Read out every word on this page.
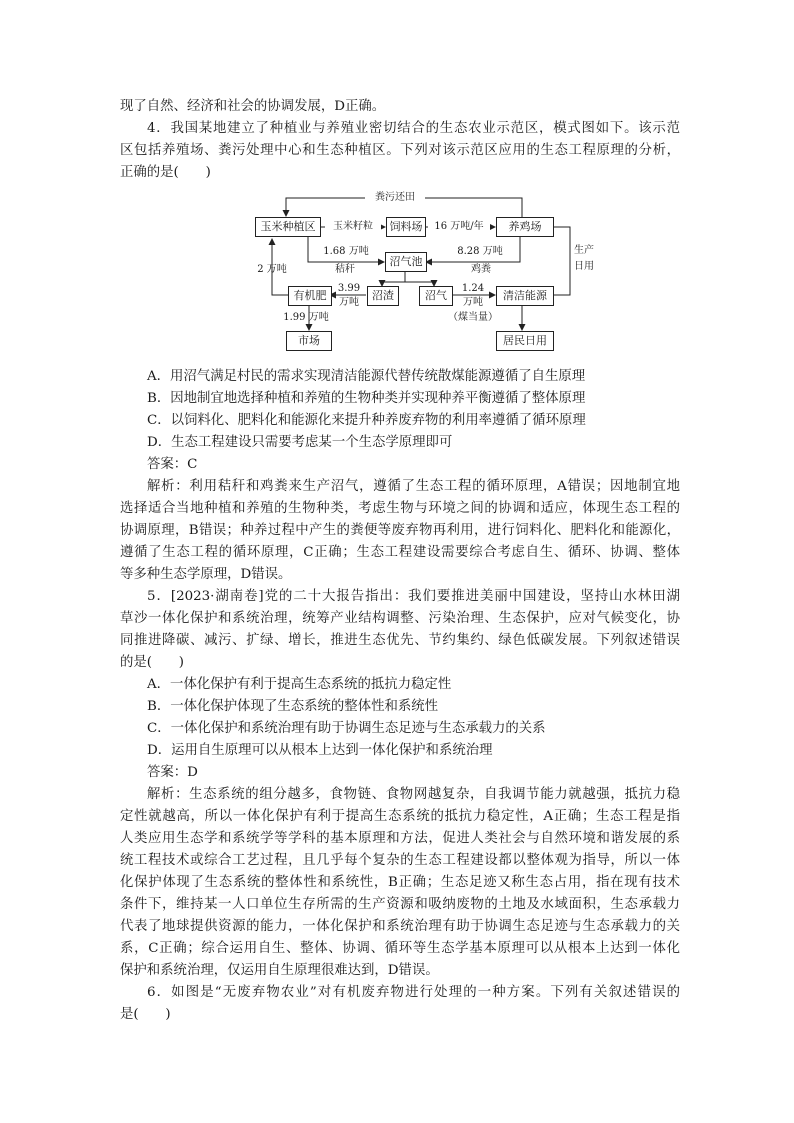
现了自然、经济和社会的协调发展，D正确。
4．我国某地建立了种植业与养殖业密切结合的生态农业示范区，模式图如下。该示范
区包括养殖场、粪污处理中心和生态种植区。下列对该示范区应用的生态工程原理的分析，
正确的是(　　)
粪污还田
玉米种植区	玉米籽粒	饲料场	16 万吨/年	养鸡场
1.68 万吨
秸秆
沼气池
8.28 万吨
鸡粪
生产
日用
2 万吨
有机肥
3.99
万吨
沼渣	沼气
1.24
万吨
清洁能源
（煤当量）
1.99 万吨
市场	居民日用
A．用沼气满足村民的需求实现清洁能源代替传统散煤能源遵循了自生原理
B．因地制宜地选择种植和养殖的生物种类并实现种养平衡遵循了整体原理
C．以饲料化、肥料化和能源化来提升种养废弃物的利用率遵循了循环原理
D．生态工程建设只需要考虑某一个生态学原理即可
答案：C
解析：利用秸秆和鸡粪来生产沼气，遵循了生态工程的循环原理，A错误；因地制宜地
选择适合当地种植和养殖的生物种类，考虑生物与环境之间的协调和适应，体现生态工程的
协调原理，B错误；种养过程中产生的粪便等废弃物再利用，进行饲料化、肥料化和能源化，
遵循了生态工程的循环原理，C正确；生态工程建设需要综合考虑自生、循环、协调、整体
等多种生态学原理，D错误。
5．[2023·湖南卷]党的二十大报告指出：我们要推进美丽中国建设，坚持山水林田湖
草沙一体化保护和系统治理，统筹产业结构调整、污染治理、生态保护，应对气候变化，协
同推进降碳、减污、扩绿、增长，推进生态优先、节约集约、绿色低碳发展。下列叙述错误
的是(　　)
A．一体化保护有利于提高生态系统的抵抗力稳定性
B．一体化保护体现了生态系统的整体性和系统性
C．一体化保护和系统治理有助于协调生态足迹与生态承载力的关系
D．运用自生原理可以从根本上达到一体化保护和系统治理
答案：D
解析：生态系统的组分越多，食物链、食物网越复杂，自我调节能力就越强，抵抗力稳
定性就越高，所以一体化保护有利于提高生态系统的抵抗力稳定性，A正确；生态工程是指
人类应用生态学和系统学等学科的基本原理和方法，促进人类社会与自然环境和谐发展的系
统工程技术或综合工艺过程，且几乎每个复杂的生态工程建设都以整体观为指导，所以一体
化保护体现了生态系统的整体性和系统性，B正确；生态足迹又称生态占用，指在现有技术
条件下，维持某一人口单位生存所需的生产资源和吸纳废物的土地及水域面积，生态承载力
代表了地球提供资源的能力，一体化保护和系统治理有助于协调生态足迹与生态承载力的关
系，C正确；综合运用自生、整体、协调、循环等生态学基本原理可以从根本上达到一体化
保护和系统治理，仅运用自生原理很难达到，D错误。
6．如图是“无废弃物农业”对有机废弃物进行处理的一种方案。下列有关叙述错误的
是(　　)
